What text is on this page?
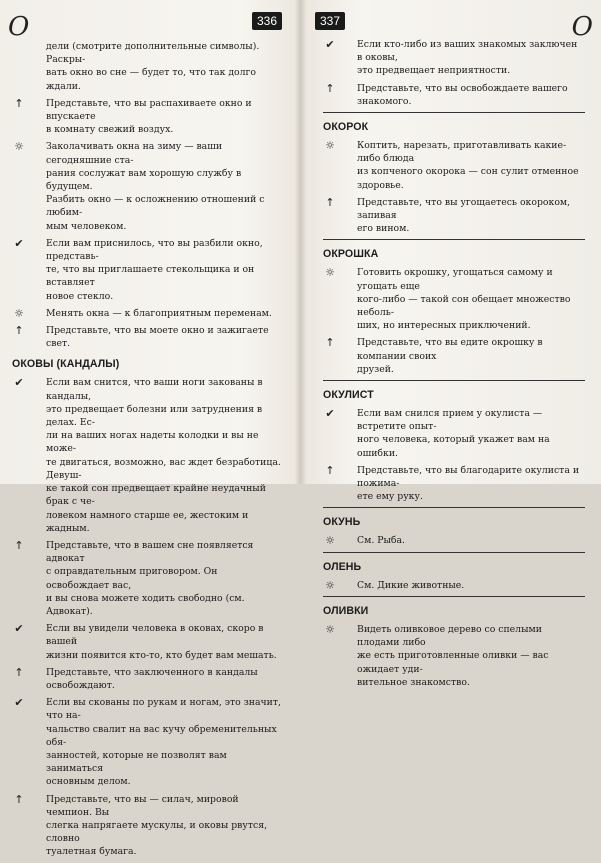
O	336
дели (смотрите дополнительные символы). Раскры-
вать окно во сне — будет то, что так долго
ждали.
↑ Представьте, что вы распахиваете окно и впускаете
в комнату свежий воздух.
☼ Заколачивать окна на зиму — ваши сегодняшние ста-
рания сослужат вам хорошую службу в будущем.
Разбить окно — к осложнению отношений с любим-
мым человеком.
✔ Если вам приснилось, что вы разбили окно, представь-
те, что вы приглашаете стекольщика и он вставляет
новое стекло.
☼ Менять окна — к благоприятным переменам.
↑ Представьте, что вы моете окно и зажигаете свет.
ОКОВЫ (КАНДАЛЫ)
✔ Если вам снится, что ваши ноги закованы в кандалы,
это предвещает болезни или затруднения в делах. Ес-
ли на ваших ногах надеты колодки и вы не може-
те двигаться, возможно, вас ждет безработица. Девуш-
ке такой сон предвещает крайне неудачный брак с че-
ловеком намного старше ее, жестоким и жадным.
↑ Представьте, что в вашем сне появляется адвокат
с оправдательным приговором. Он освобождает вас,
и вы снова можете ходить свободно (см. Адвокат).
✔ Если вы увидели человека в оковах, скоро в вашей
жизни появится кто-то, кто будет вам мешать.
↑ Представьте, что заключенного в кандалы освобождают.
✔ Если вы скованы по рукам и ногам, это значит, что на-
чальство свалит на вас кучу обременительных обя-
занностей, которые не позволят вам заниматься
основным делом.
↑ Представьте, что вы — силач, мировой чемпион. Вы
слегка напрягаете мускулы, и оковы рвутся, словно
туалетная бумага.
337	O
✔ Если кто-либо из ваших знакомых заключен в оковы,
это предвещает неприятности.
↑ Представьте, что вы освобождаете вашего знакомого.
ОКОРОК
☼ Коптить, нарезать, приготавливать какие-либо блюда
из копченого окорока — сон сулит отменное здоровье.
↑ Представьте, что вы угощаетесь окороком, запивая
его вином.
ОКРОШКА
☼ Готовить окрошку, угощаться самому и угощать еще
кого-либо — такой сон обещает множество неболь-
ших, но интересных приключений.
↑ Представьте, что вы едите окрошку в компании своих
друзей.
ОКУЛИСТ
✔ Если вам снился прием у окулиста — встретите опыт-
ного человека, который укажет вам на ошибки.
↑ Представьте, что вы благодарите окулиста и пожима-
ете ему руку.
ОКУНЬ
☼ См. Рыба.
ОЛЕНЬ
☼ См. Дикие животные.
ОЛИВКИ
☼ Видеть оливковое дерево со спелыми плодами либо
же есть приготовленные оливки — вас ожидает уди-
вительное знакомство.
